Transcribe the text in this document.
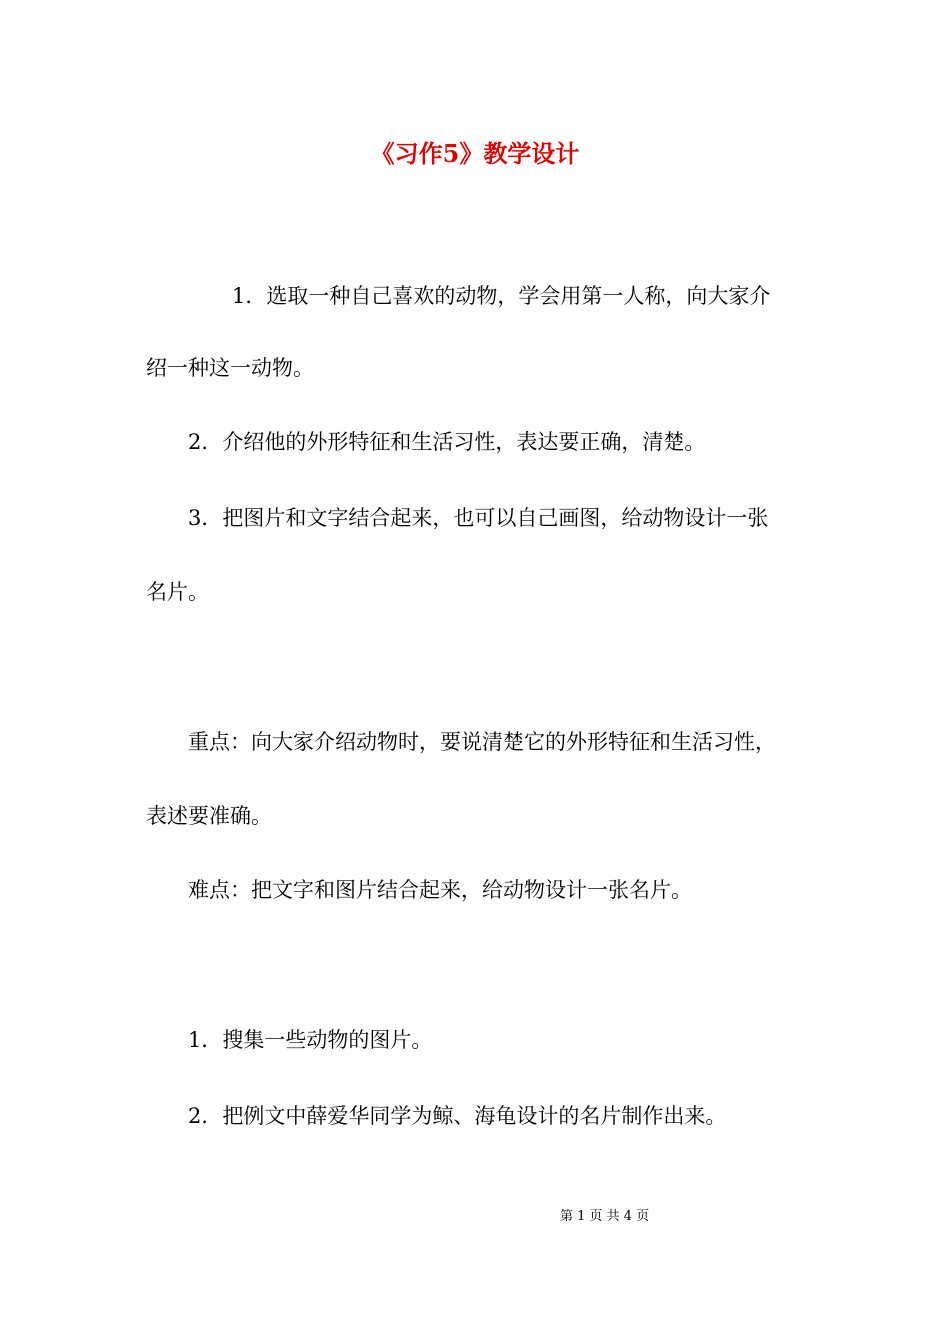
《习作5》教学设计
1．选取一种自己喜欢的动物，学会用第一人称，向大家介
绍一种这一动物。
2．介绍他的外形特征和生活习性，表达要正确，清楚。
3．把图片和文字结合起来，也可以自己画图，给动物设计一张
名片。
重点：向大家介绍动物时，要说清楚它的外形特征和生活习性，
表述要准确。
难点：把文字和图片结合起来，给动物设计一张名片。
1．搜集一些动物的图片。
2．把例文中薛爱华同学为鲸、海龟设计的名片制作出来。
第 1 页 共 4 页
